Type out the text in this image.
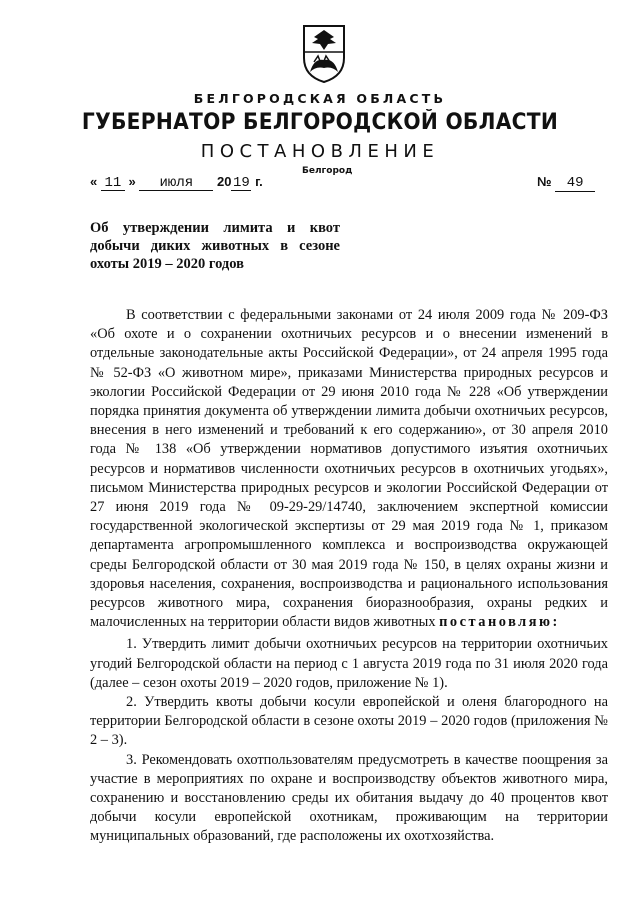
БЕЛГОРОДСКАЯ ОБЛАСТЬ
ГУБЕРНАТОР БЕЛГОРОДСКОЙ ОБЛАСТИ
ПОСТАНОВЛЕНИЕ
Белгород
« 11 » июля 20 19 г.	№ 49
Об утверждении лимита и квот добычи диких животных в сезоне охоты 2019 – 2020 годов

В соответствии с федеральными законами от 24 июля 2009 года № 209-ФЗ «Об охоте и о сохранении охотничьих ресурсов и о внесении изменений в отдельные законодательные акты Российской Федерации», от 24 апреля 1995 года № 52-ФЗ «О животном мире», приказами Министерства природных ресурсов и экологии Российской Федерации от 29 июня 2010 года № 228 «Об утверждении порядка принятия документа об утверждении лимита добычи охотничьих ресурсов, внесения в него изменений и требований к его содержанию», от 30 апреля 2010 года № 138 «Об утверждении нормативов допустимого изъятия охотничьих ресурсов и нормативов численности охотничьих ресурсов в охотничьих угодьях», письмом Министерства природных ресурсов и экологии Российской Федерации от 27 июня 2019 года № 09-29-29/14740, заключением экспертной комиссии государственной экологической экспертизы от 29 мая 2019 года № 1, приказом департамента агропромышленного комплекса и воспроизводства окружающей среды Белгородской области от 30 мая 2019 года № 150, в целях охраны жизни и здоровья населения, сохранения, воспроизводства и рационального использования ресурсов животного мира, сохранения биоразнообразия, охраны редких и малочисленных на территории области видов животных постановляю:

1. Утвердить лимит добычи охотничьих ресурсов на территории охотничьих угодий Белгородской области на период с 1 августа 2019 года по 31 июля 2020 года (далее – сезон охоты 2019 – 2020 годов, приложение № 1).

2. Утвердить квоты добычи косули европейской и оленя благородного на территории Белгородской области в сезоне охоты 2019 – 2020 годов (приложения № 2 – 3).

3. Рекомендовать охотпользователям предусмотреть в качестве поощрения за участие в мероприятиях по охране и воспроизводству объектов животного мира, сохранению и восстановлению среды их обитания выдачу до 40 процентов квот добычи косули европейской охотникам, проживающим на территории муниципальных образований, где расположены их охотхозяйства.
